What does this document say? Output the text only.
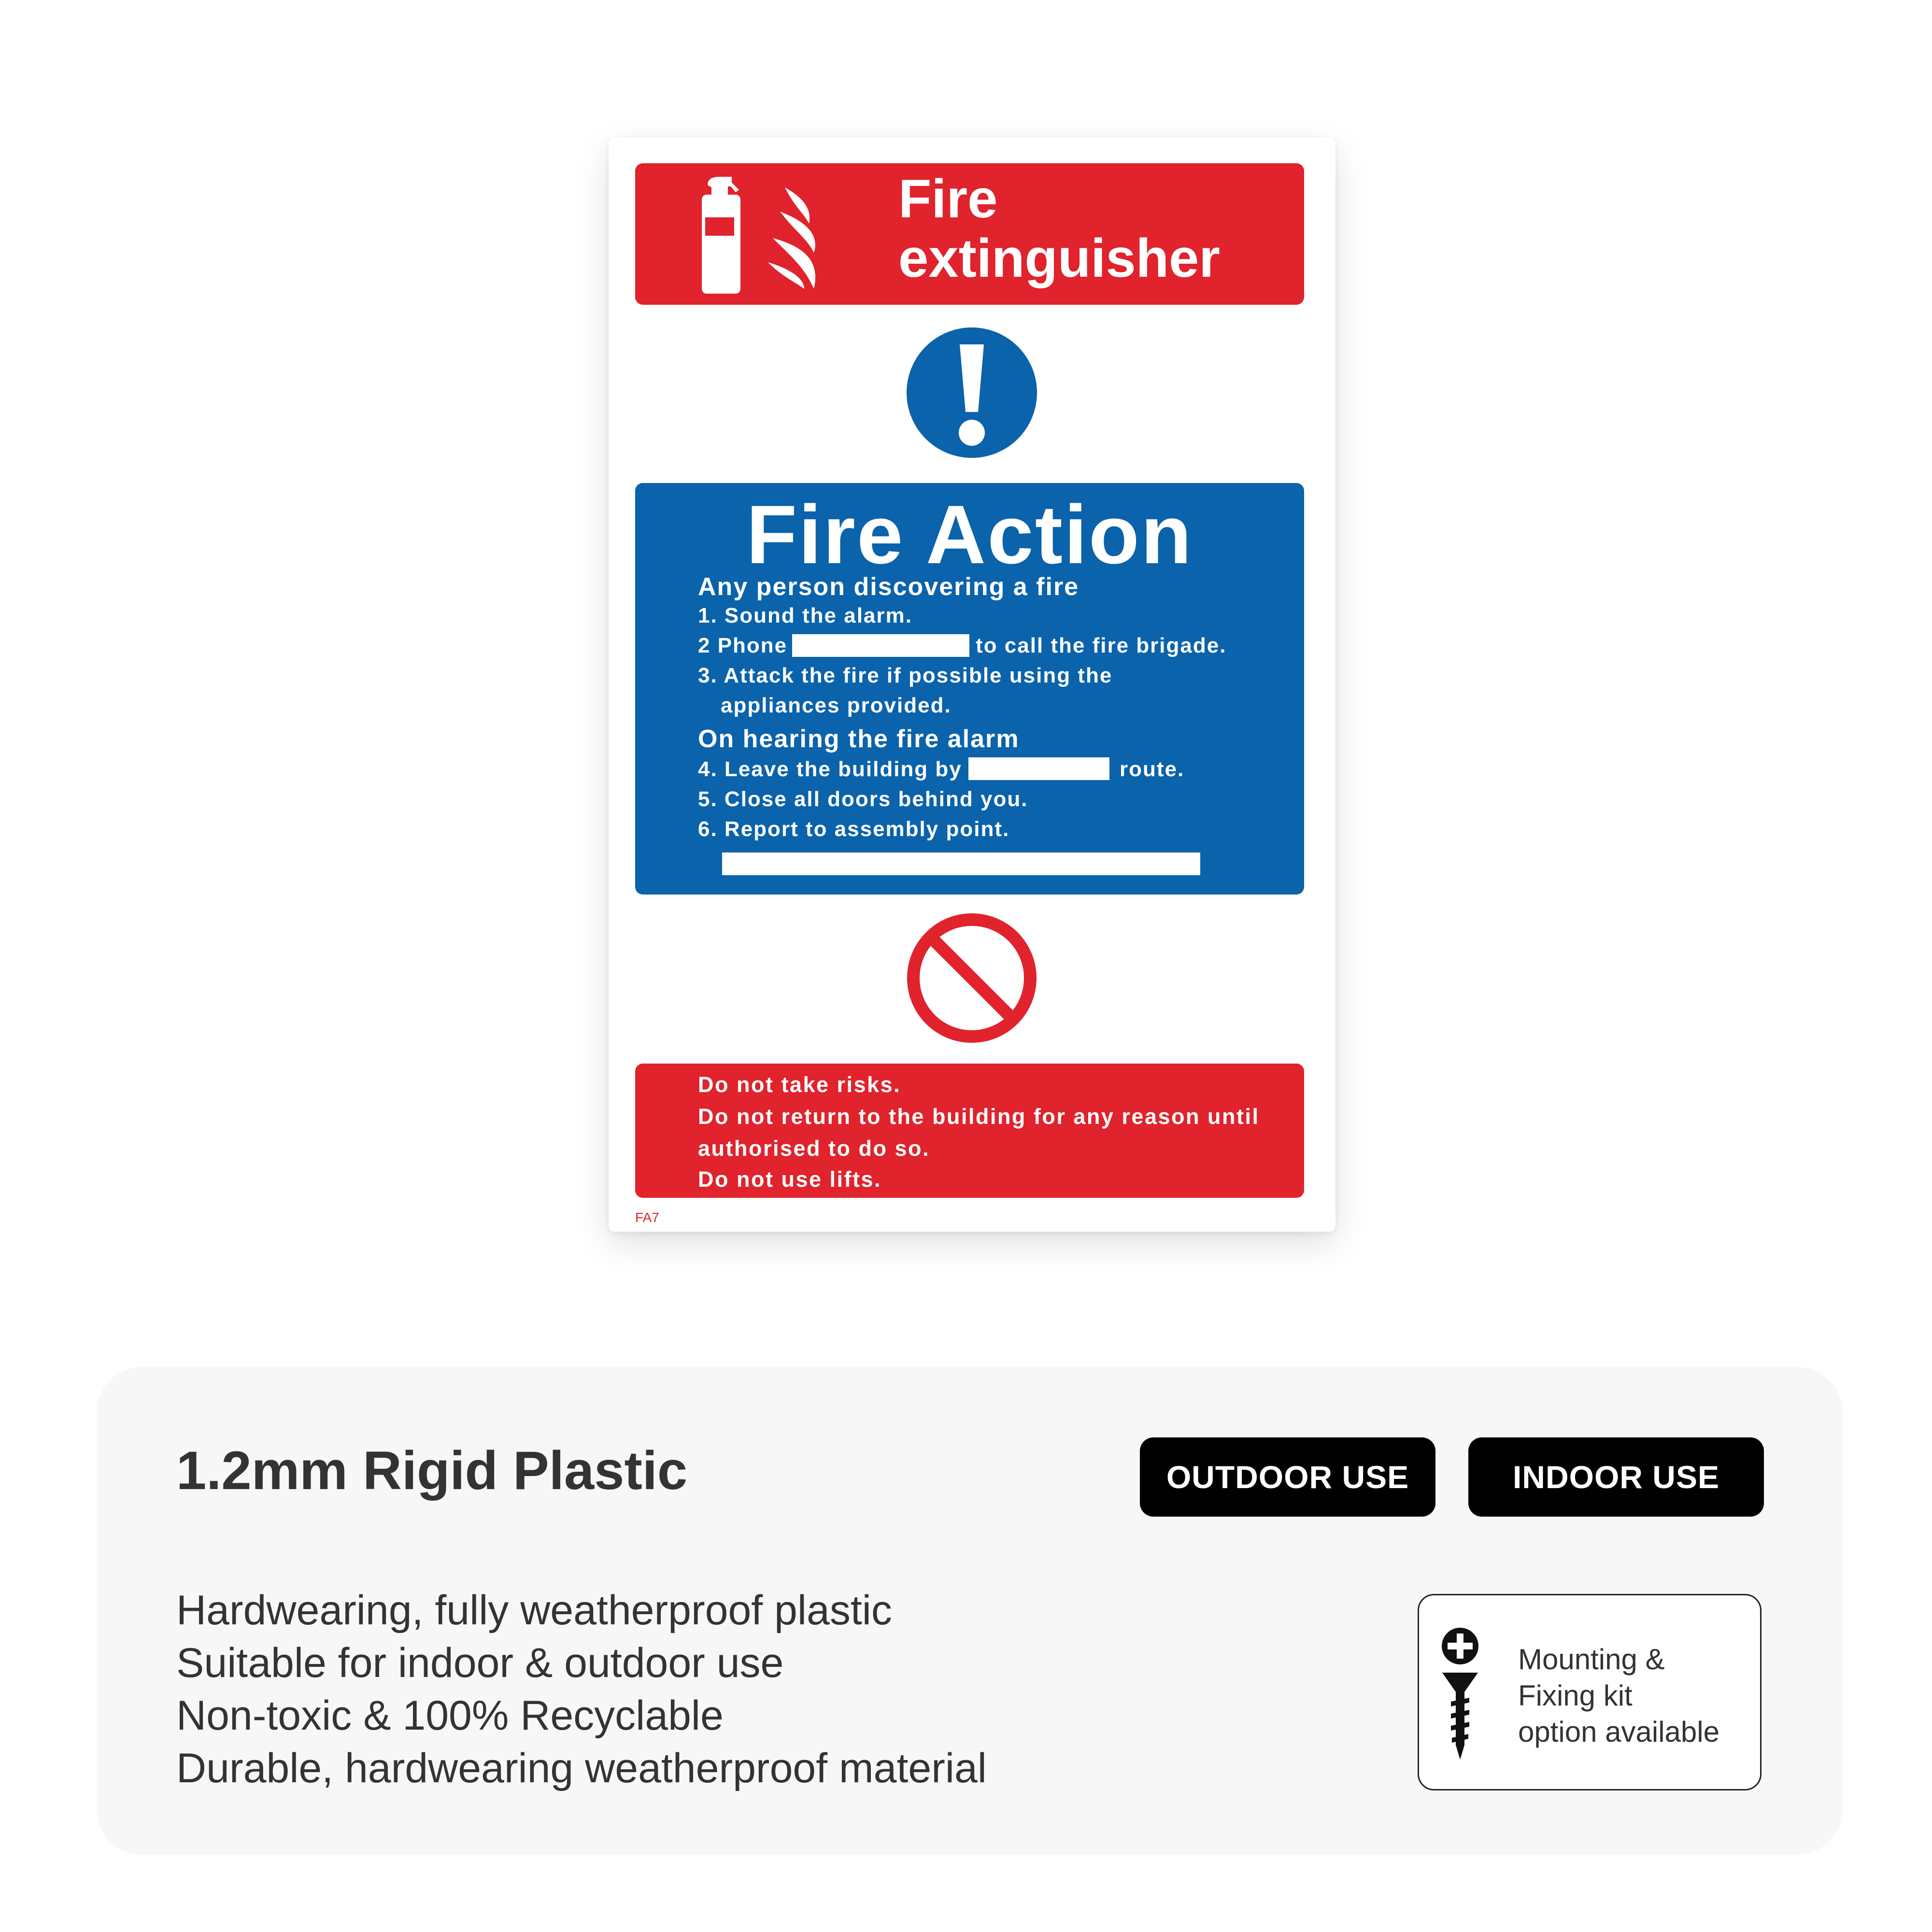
Fire
extinguisher
Fire Action
Any person discovering a fire
1. Sound the alarm.
2 Phone	to call the fire brigade.
3. Attack the fire if possible using the
appliances provided.
On hearing the fire alarm
4. Leave the building by	route.
5. Close all doors behind you.
6. Report to assembly point.
Do not take risks.
Do not return to the building for any reason until
authorised to do so.
Do not use lifts.
FA7
1.2mm Rigid Plastic	OUTDOOR USE	INDOOR USE
Hardwearing, fully weatherproof plastic
Suitable for indoor & outdoor use
Non-toxic & 100% Recyclable
Durable, hardwearing weatherproof material
Mounting &
Fixing kit
option available
